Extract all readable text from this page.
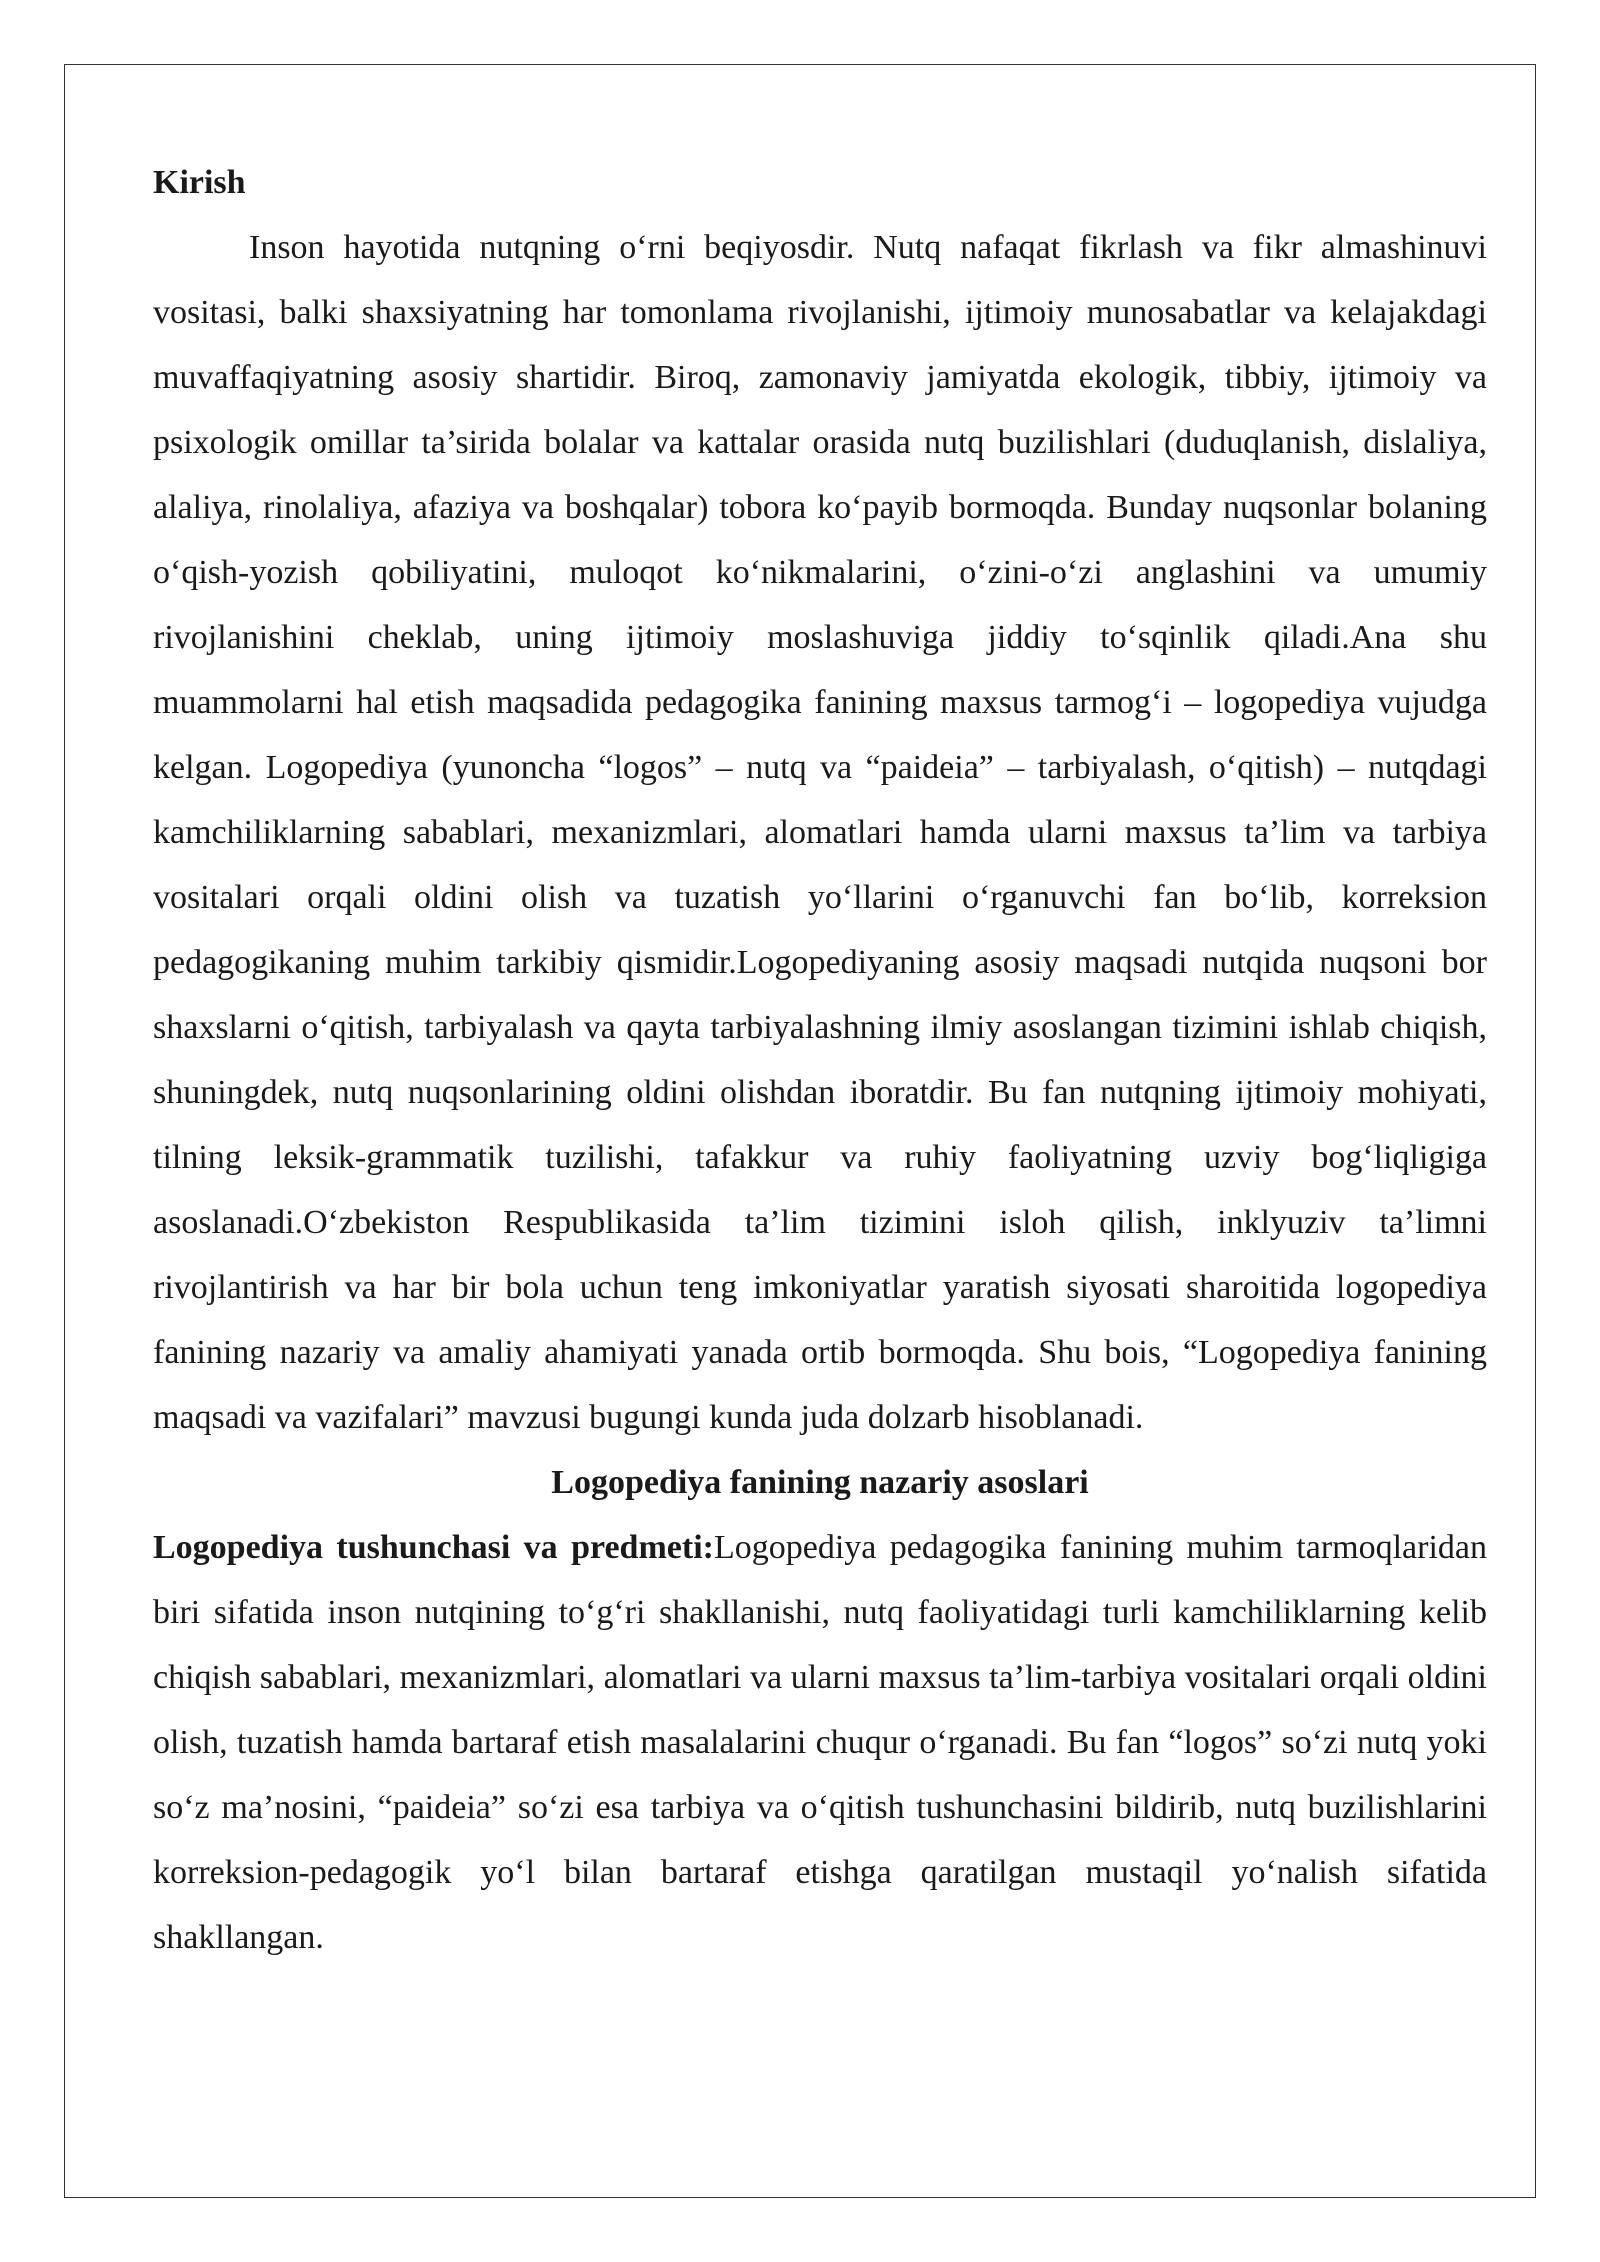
Kirish

Inson hayotida nutqning o‘rni beqiyosdir. Nutq nafaqat fikrlash va fikr almashinuvi vositasi, balki shaxsiyatning har tomonlama rivojlanishi, ijtimoiy munosabatlar va kelajakdagi muvaffaqiyatning asosiy shartidir. Biroq, zamonaviy jamiyatda ekologik, tibbiy, ijtimoiy va psixologik omillar ta’sirida bolalar va kattalar orasida nutq buzilishlari (duduqlanish, dislaliya, alaliya, rinolaliya, afaziya va boshqalar) tobora ko‘payib bormoqda. Bunday nuqsonlar bolaning o‘qish-yozish qobiliyatini, muloqot ko‘nikmalarini, o‘zini-o‘zi anglashini va umumiy rivojlanishini cheklab, uning ijtimoiy moslashuviga jiddiy to‘sqinlik qiladi.Ana shu muammolarni hal etish maqsadida pedagogika fanining maxsus tarmog‘i – logopediya vujudga kelgan. Logopediya (yunoncha “logos” – nutq va “paideia” – tarbiyalash, o‘qitish) – nutqdagi kamchiliklarning sabablari, mexanizmlari, alomatlari hamda ularni maxsus ta’lim va tarbiya vositalari orqali oldini olish va tuzatish yo‘llarini o‘rganuvchi fan bo‘lib, korreksion pedagogikaning muhim tarkibiy qismidir.Logopediyaning asosiy maqsadi nutqida nuqsoni bor shaxslarni o‘qitish, tarbiyalash va qayta tarbiyalashning ilmiy asoslangan tizimini ishlab chiqish, shuningdek, nutq nuqsonlarining oldini olishdan iboratdir. Bu fan nutqning ijtimoiy mohiyati, tilning leksik-grammatik tuzilishi, tafakkur va ruhiy faoliyatning uzviy bog‘liqligiga asoslanadi.O‘zbekiston Respublikasida ta’lim tizimini isloh qilish, inklyuziv ta’limni rivojlantirish va har bir bola uchun teng imkoniyatlar yaratish siyosati sharoitida logopediya fanining nazariy va amaliy ahamiyati yanada ortib bormoqda. Shu bois, “Logopediya fanining maqsadi va vazifalari” mavzusi bugungi kunda juda dolzarb hisoblanadi.

Logopediya fanining nazariy asoslari

Logopediya tushunchasi va predmeti:Logopediya pedagogika fanining muhim tarmoqlaridan biri sifatida inson nutqining to‘g‘ri shakllanishi, nutq faoliyatidagi turli kamchiliklarning kelib chiqish sabablari, mexanizmlari, alomatlari va ularni maxsus ta’lim-tarbiya vositalari orqali oldini olish, tuzatish hamda bartaraf etish masalalarini chuqur o‘rganadi. Bu fan “logos” so‘zi nutq yoki so‘z ma’nosini, “paideia” so‘zi esa tarbiya va o‘qitish tushunchasini bildirib, nutq buzilishlarini korreksion-pedagogik yo‘l bilan bartaraf etishga qaratilgan mustaqil yo‘nalish sifatida shakllangan.
